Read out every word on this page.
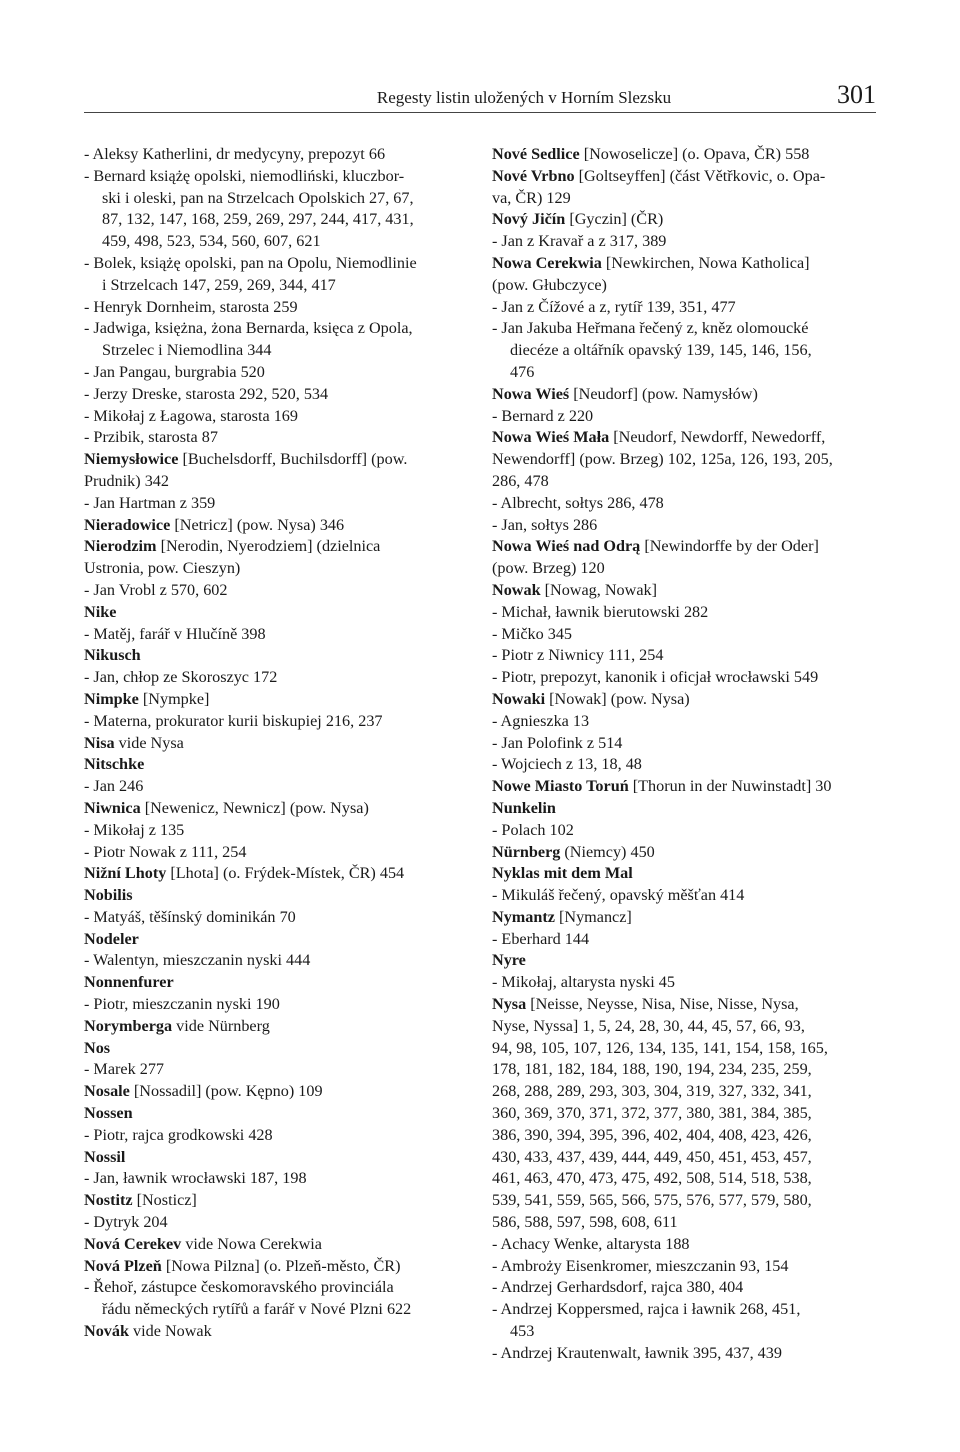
Regesty listin uložených v Horním Slezsku	301
- Aleksy Katherlini, dr medycyny, prepozyt 66
- Bernard książę opolski, niemodliński, kluczbor-
ski i oleski, pan na Strzelcach Opolskich 27, 67,
87, 132, 147, 168, 259, 269, 297, 244, 417, 431,
459, 498, 523, 534, 560, 607, 621
- Bolek, książę opolski, pan na Opolu, Niemodlinie
i Strzelcach 147, 259, 269, 344, 417
- Henryk Dornheim, starosta 259
- Jadwiga, księżna, żona Bernarda, księca z Opola,
Strzelec i Niemodlina 344
- Jan Pangau, burgrabia 520
- Jerzy Dreske, starosta 292, 520, 534
- Mikołaj z Łagowa, starosta 169
- Przibik, starosta 87
Niemysłowice [Buchelsdorff, Buchilsdorff] (pow.
Prudnik) 342
- Jan Hartman z 359
Nieradowice [Netricz] (pow. Nysa) 346
Nierodzim [Nerodin, Nyerodziem] (dzielnica
Ustronia, pow. Cieszyn)
- Jan Vrobl z 570, 602
Nike
- Matěj, farář v Hlučíně 398
Nikusch
- Jan, chłop ze Skoroszyc 172
Nimpke [Nympke]
- Materna, prokurator kurii biskupiej 216, 237
Nisa vide Nysa
Nitschke
- Jan 246
Niwnica [Newenicz, Newnicz] (pow. Nysa)
- Mikołaj z 135
- Piotr Nowak z 111, 254
Nižní Lhoty [Lhota] (o. Frýdek-Místek, ČR) 454
Nobilis
- Matyáš, těšínský dominikán 70
Nodeler
- Walentyn, mieszczanin nyski 444
Nonnenfurer
- Piotr, mieszczanin nyski 190
Norymberga vide Nürnberg
Nos
- Marek 277
Nosale [Nossadil] (pow. Kępno) 109
Nossen
- Piotr, rajca grodkowski 428
Nossil
- Jan, ławnik wrocławski 187, 198
Nostitz [Nosticz]
- Dytryk 204
Nová Cerekev vide Nowa Cerekwia
Nová Plzeň [Nowa Pilzna] (o. Plzeň-město, ČR)
- Řehoř, zástupce českomoravského provinciála
řádu německých rytířů a farář v Nové Plzni 622
Novák vide Nowak
Nové Sedlice [Nowoselicze] (o. Opava, ČR) 558
Nové Vrbno [Goltseyffen] (část Větřkovic, o. Opa-
va, ČR) 129
Nový Jičín [Gyczin] (ČR)
- Jan z Kravař a z 317, 389
Nowa Cerekwia [Newkirchen, Nowa Katholica]
(pow. Głubczyce)
- Jan z Čížové a z, rytíř 139, 351, 477
- Jan Jakuba Heřmana řečený z, kněz olomoucké
diecéze a oltářník opavský 139, 145, 146, 156,
476
Nowa Wieś [Neudorf] (pow. Namysłów)
- Bernard z 220
Nowa Wieś Mała [Neudorf, Newdorff, Newedorff,
Newendorff] (pow. Brzeg) 102, 125a, 126, 193, 205,
286, 478
- Albrecht, sołtys 286, 478
- Jan, sołtys 286
Nowa Wieś nad Odrą [Newindorffe by der Oder]
(pow. Brzeg) 120
Nowak [Nowag, Nowak]
- Michał, ławnik bierutowski 282
- Mičko 345
- Piotr z Niwnicy 111, 254
- Piotr, prepozyt, kanonik i oficjał wrocławski 549
Nowaki [Nowak] (pow. Nysa)
- Agnieszka 13
- Jan Polofink z 514
- Wojciech z 13, 18, 48
Nowe Miasto Toruń [Thorun in der Nuwinstadt] 30
Nunkelin
- Polach 102
Nürnberg (Niemcy) 450
Nyklas mit dem Mal
- Mikuláš řečený, opavský měšťan 414
Nymantz [Nymancz]
- Eberhard 144
Nyre
- Mikołaj, altarysta nyski 45
Nysa [Neisse, Neysse, Nisa, Nise, Nisse, Nysa,
Nyse, Nyssa] 1, 5, 24, 28, 30, 44, 45, 57, 66, 93,
94, 98, 105, 107, 126, 134, 135, 141, 154, 158, 165,
178, 181, 182, 184, 188, 190, 194, 234, 235, 259,
268, 288, 289, 293, 303, 304, 319, 327, 332, 341,
360, 369, 370, 371, 372, 377, 380, 381, 384, 385,
386, 390, 394, 395, 396, 402, 404, 408, 423, 426,
430, 433, 437, 439, 444, 449, 450, 451, 453, 457,
461, 463, 470, 473, 475, 492, 508, 514, 518, 538,
539, 541, 559, 565, 566, 575, 576, 577, 579, 580,
586, 588, 597, 598, 608, 611
- Achacy Wenke, altarysta 188
- Ambroży Eisenkromer, mieszczanin 93, 154
- Andrzej Gerhardsdorf, rajca 380, 404
- Andrzej Koppersmed, rajca i ławnik 268, 451,
453
- Andrzej Krautenwalt, ławnik 395, 437, 439
